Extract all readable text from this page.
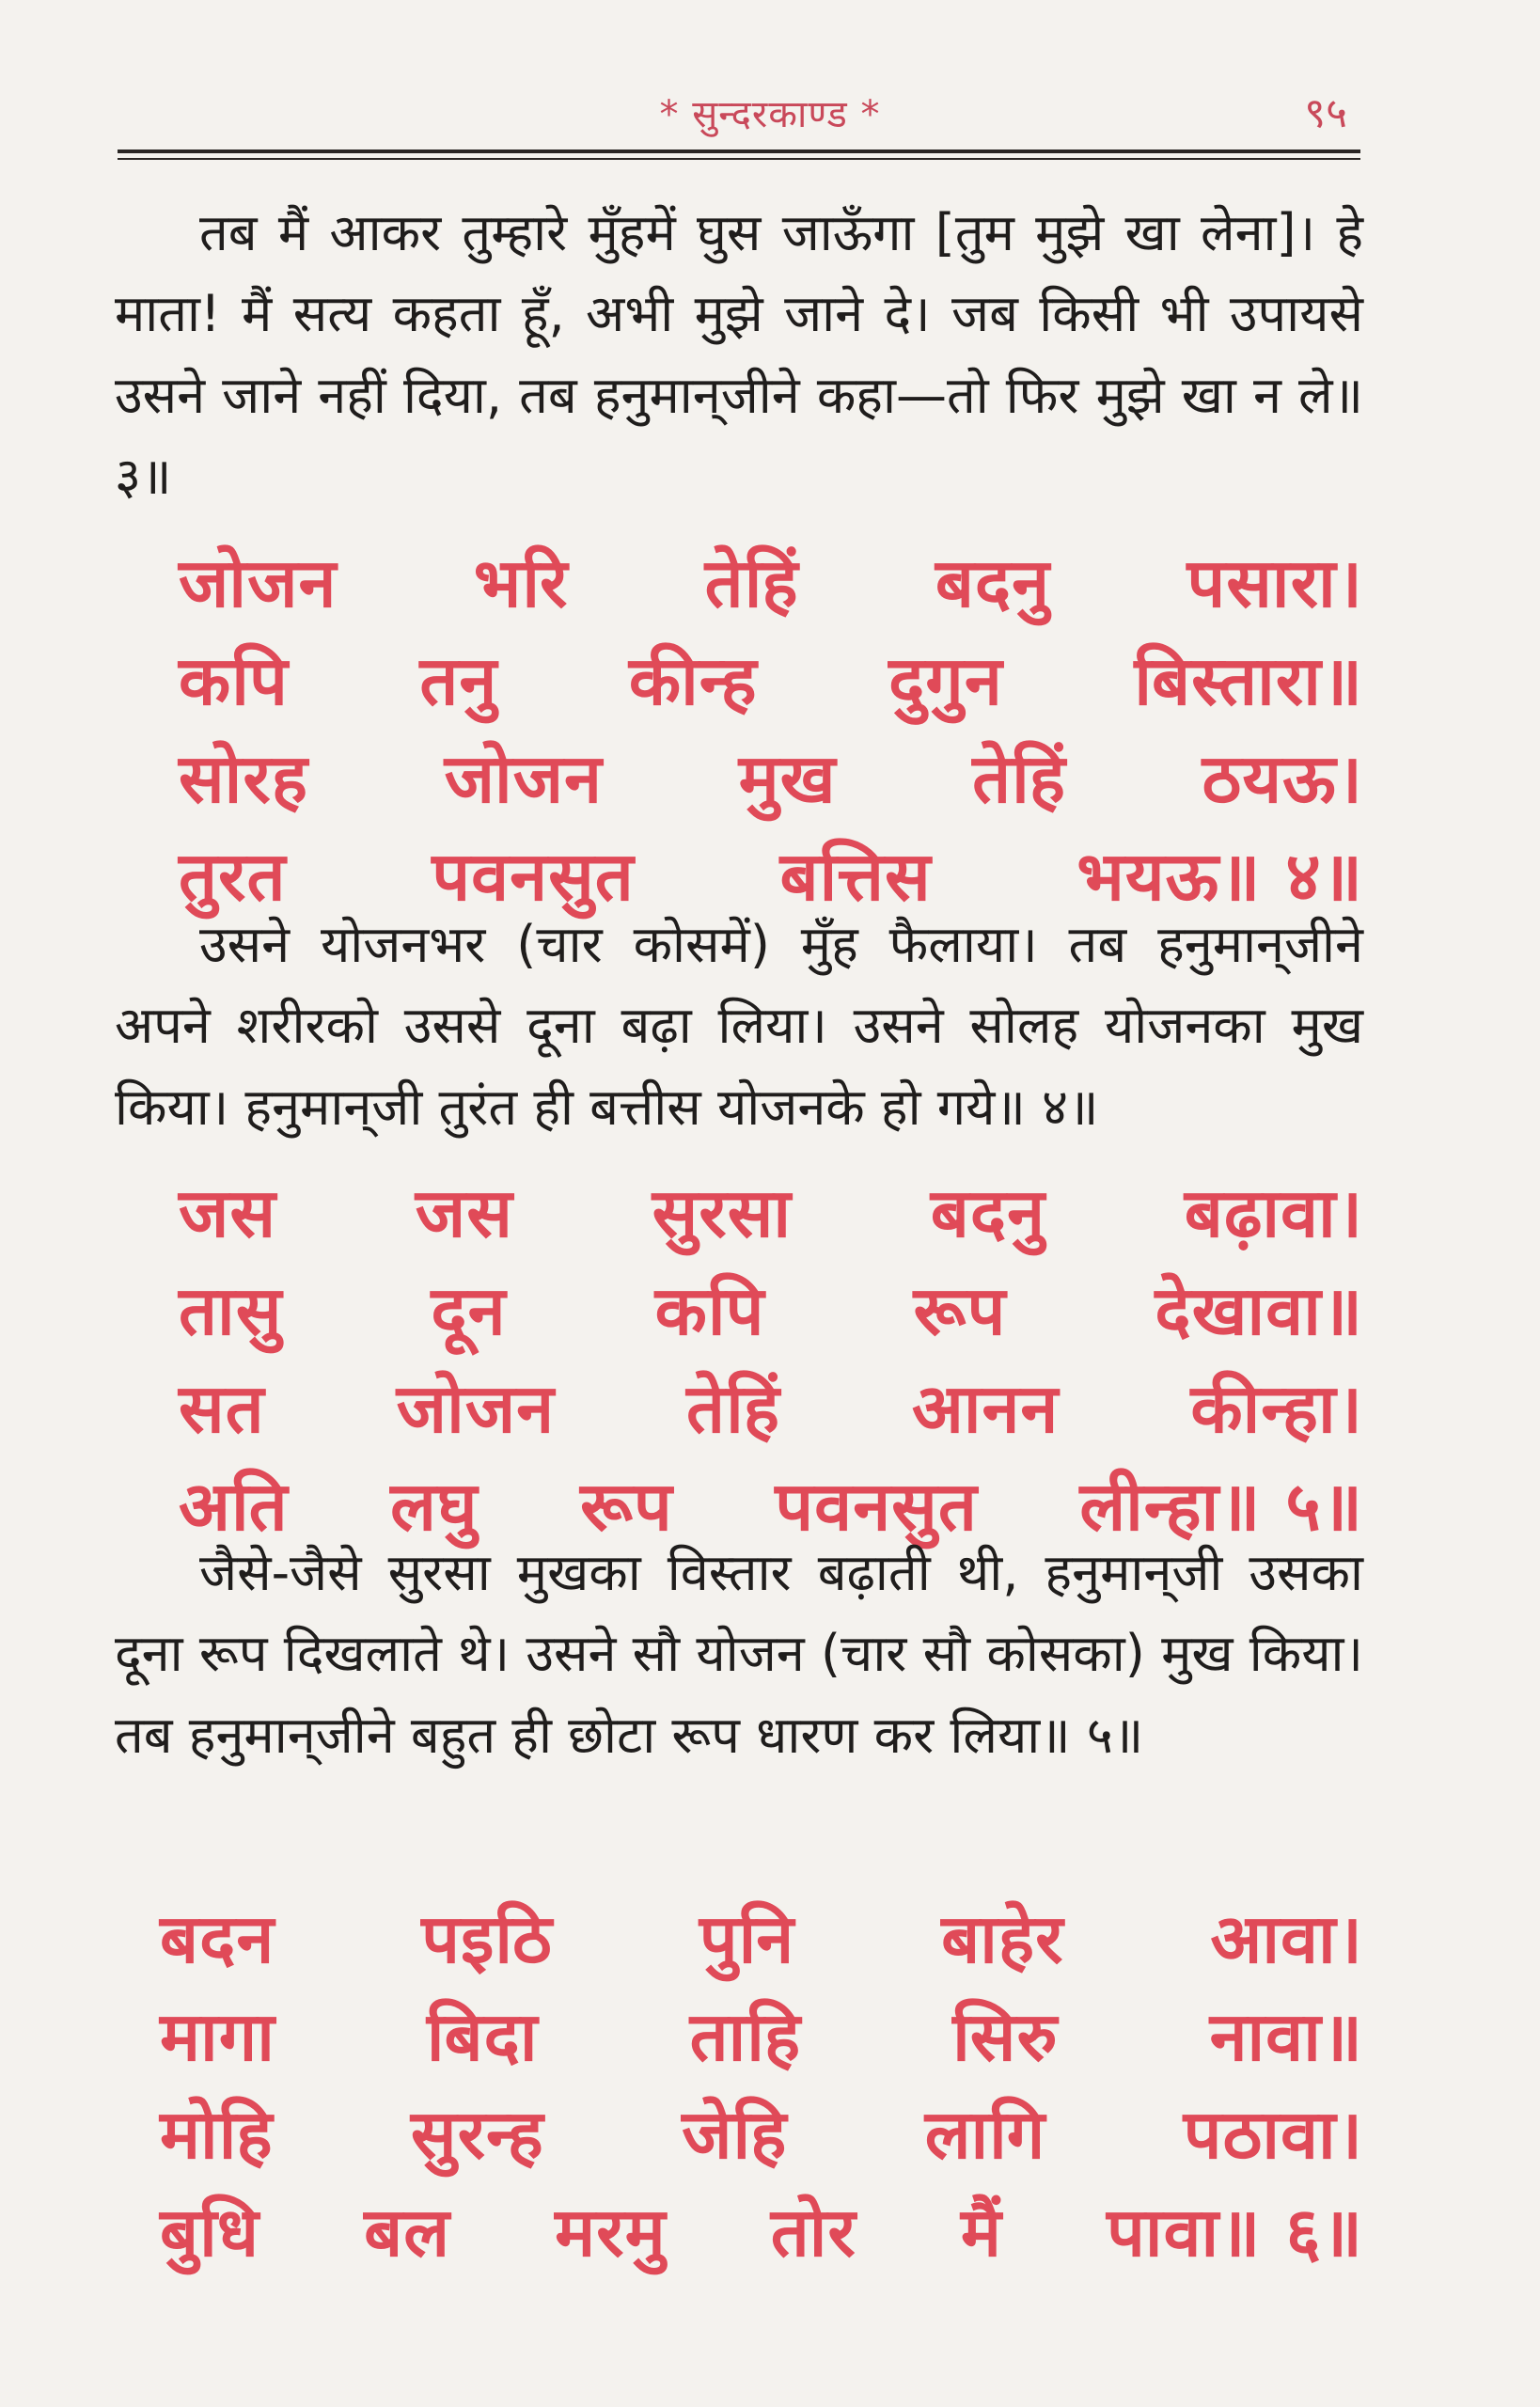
* सुन्दरकाण्ड *	९५

तब मैं आकर तुम्हारे मुँहमें घुस जाऊँगा [तुम मुझे खा लेना]। हे माता! मैं सत्य कहता हूँ, अभी मुझे जाने दे। जब किसी भी उपायसे उसने जाने नहीं दिया, तब हनुमान्‌जीने कहा—तो फिर मुझे खा न ले॥ ३॥

जोजन भरि तेहिं बदनु पसारा।
कपि तनु कीन्ह दुगुन बिस्तारा॥
सोरह जोजन मुख तेहिं ठयऊ।
तुरत पवनसुत बत्तिस भयऊ॥ ४॥

उसने योजनभर (चार कोसमें) मुँह फैलाया। तब हनुमान्‌जीने अपने शरीरको उससे दूना बढ़ा लिया। उसने सोलह योजनका मुख किया। हनुमान्‌जी तुरंत ही बत्तीस योजनके हो गये॥ ४॥

जस जस सुरसा बदनु बढ़ावा।
तासु दून कपि रूप देखावा॥
सत जोजन तेहिं आनन कीन्हा।
अति लघु रूप पवनसुत लीन्हा॥ ५॥

जैसे-जैसे सुरसा मुखका विस्तार बढ़ाती थी, हनुमान्‌जी उसका दूना रूप दिखलाते थे। उसने सौ योजन (चार सौ कोसका) मुख किया। तब हनुमान्‌जीने बहुत ही छोटा रूप धारण कर लिया॥ ५॥

बदन पइठि पुनि बाहेर आवा।
मागा बिदा ताहि सिरु नावा॥
मोहि सुरन्ह जेहि लागि पठावा।
बुधि बल मरमु तोर मैं पावा॥ ६॥
